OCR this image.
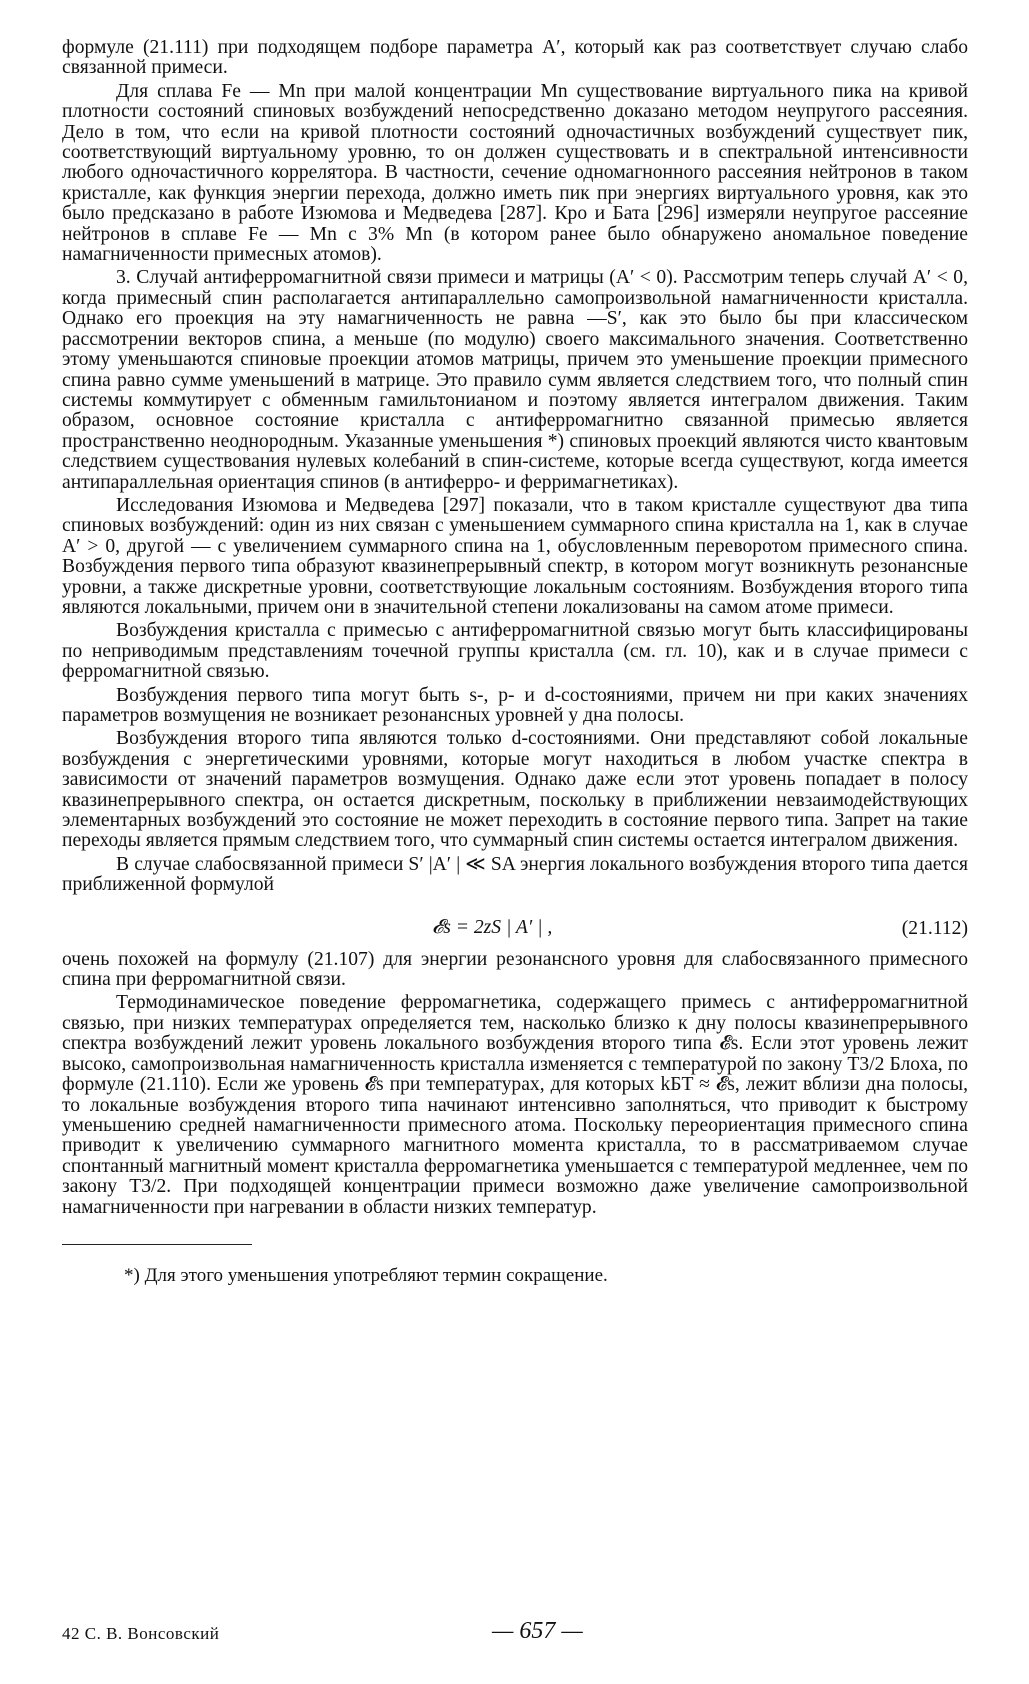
формуле (21.111) при подходящем подборе параметра A′, который как раз соответствует случаю слабо связанной примеси.

Для сплава Fe — Mn при малой концентрации Mn существование виртуального пика на кривой плотности состояний спиновых возбуждений непосредственно доказано методом неупругого рассеяния. Дело в том, что если на кривой плотности состояний одночастичных возбуждений существует пик, соответствующий виртуальному уровню, то он должен существовать и в спектральной интенсивности любого одночастичного коррелятора. В частности, сечение одномагнонного рассеяния нейтронов в таком кристалле, как функция энергии перехода, должно иметь пик при энергиях виртуального уровня, как это было предсказано в работе Изюмова и Медведева [287]. Кро и Бата [296] измеряли неупругое рассеяние нейтронов в сплаве Fe — Mn с 3% Mn (в котором ранее было обнаружено аномальное поведение намагниченности примесных атомов).

3. Случай антиферромагнитной связи примеси и матрицы (A′ < 0). Рассмотрим теперь случай A′ < 0, когда примесный спин располагается антипараллельно самопроизвольной намагниченности кристалла. Однако его проекция на эту намагниченность не равна —S′, как это было бы при классическом рассмотрении векторов спина, а меньше (по модулю) своего максимального значения. Соответственно этому уменьшаются спиновые проекции атомов матрицы, причем это уменьшение проекции примесного спина равно сумме уменьшений в матрице. Это правило сумм является следствием того, что полный спин системы коммутирует с обменным гамильтонианом и поэтому является интегралом движения. Таким образом, основное состояние кристалла с антиферромагнитно связанной примесью является пространственно неоднородным. Указанные уменьшения *) спиновых проекций являются чисто квантовым следствием существования нулевых колебаний в спин-системе, которые всегда существуют, когда имеется антипараллельная ориентация спинов (в антиферро- и ферримагнетиках).

Исследования Изюмова и Медведева [297] показали, что в таком кристалле существуют два типа спиновых возбуждений: один из них связан с уменьшением суммарного спина кристалла на 1, как в случае A′ > 0, другой — с увеличением суммарного спина на 1, обусловленным переворотом примесного спина. Возбуждения первого типа образуют квазинепрерывный спектр, в котором могут возникнуть резонансные уровни, а также дискретные уровни, соответствующие локальным состояниям. Возбуждения второго типа являются локальными, причем они в значительной степени локализованы на самом атоме примеси.

Возбуждения кристалла с примесью с антиферромагнитной связью могут быть классифицированы по неприводимым представлениям точечной группы кристалла (см. гл. 10), как и в случае примеси с ферромагнитной связью.

Возбуждения первого типа могут быть s-, p- и d-состояниями, причем ни при каких значениях параметров возмущения не возникает резонансных уровней у дна полосы.

Возбуждения второго типа являются только d-состояниями. Они представляют собой локальные возбуждения с энергетическими уровнями, которые могут находиться в любом участке спектра в зависимости от значений параметров возмущения. Однако даже если этот уровень попадает в полосу квазинепрерывного спектра, он остается дискретным, поскольку в приближении невзаимодействующих элементарных возбуждений это состояние не может переходить в состояние первого типа. Запрет на такие переходы является прямым следствием того, что суммарный спин системы остается интегралом движения.

В случае слабосвязанной примеси S′ |A′ | ≪ SA энергия локального возбуждения второго типа дается приближенной формулой

𝓔s = 2zS | A′ | ,	(21.112)

очень похожей на формулу (21.107) для энергии резонансного уровня для слабосвязанного примесного спина при ферромагнитной связи.

Термодинамическое поведение ферромагнетика, содержащего примесь с антиферромагнитной связью, при низких температурах определяется тем, насколько близко к дну полосы квазинепрерывного спектра возбуждений лежит уровень локального возбуждения второго типа 𝓔s. Если этот уровень лежит высоко, самопроизвольная намагниченность кристалла изменяется с температурой по закону T3/2 Блоха, по формуле (21.110). Если же уровень 𝓔s при температурах, для которых kБT ≈ 𝓔s, лежит вблизи дна полосы, то локальные возбуждения второго типа начинают интенсивно заполняться, что приводит к быстрому уменьшению средней намагниченности примесного атома. Поскольку переориентация примесного спина приводит к увеличению суммарного магнитного момента кристалла, то в рассматриваемом случае спонтанный магнитный момент кристалла ферромагнетика уменьшается с температурой медленнее, чем по закону T3/2. При подходящей концентрации примеси возможно даже увеличение самопроизвольной намагниченности при нагревании в области низких температур.

*) Для этого уменьшения употребляют термин сокращение.

42 С. В. Вонсовский	— 657 —
